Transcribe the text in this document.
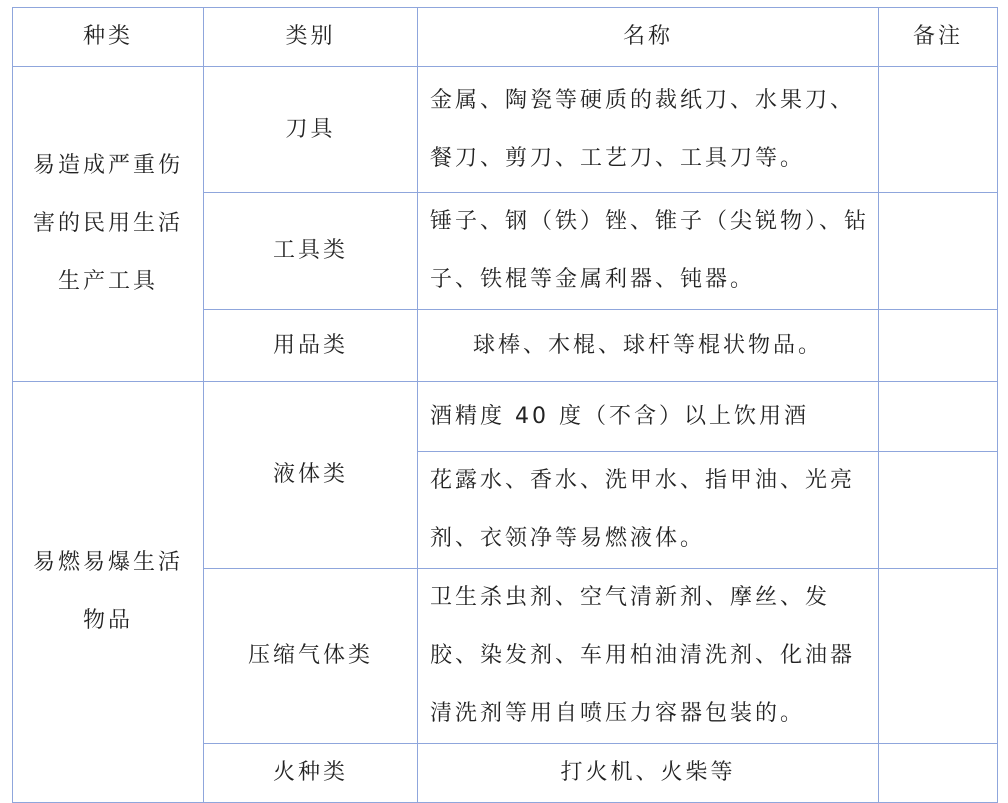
种类	类别	名称	备注
易造成严重伤害的民用生活生产工具	刀具	金属、陶瓷等硬质的裁纸刀、水果刀、餐刀、剪刀、工艺刀、工具刀等。	
	工具类	锤子、钢（铁）锉、锥子（尖锐物）、钻子、铁棍等金属利器、钝器。	
	用品类	球棒、木棍、球杆等棍状物品。	
易燃易爆生活物品	液体类	酒精度 40 度（不含）以上饮用酒	
		花露水、香水、洗甲水、指甲油、光亮剂、衣领净等易燃液体。	
	压缩气体类	卫生杀虫剂、空气清新剂、摩丝、发胶、染发剂、车用柏油清洗剂、化油器清洗剂等用自喷压力容器包装的。	
	火种类	打火机、火柴等	
